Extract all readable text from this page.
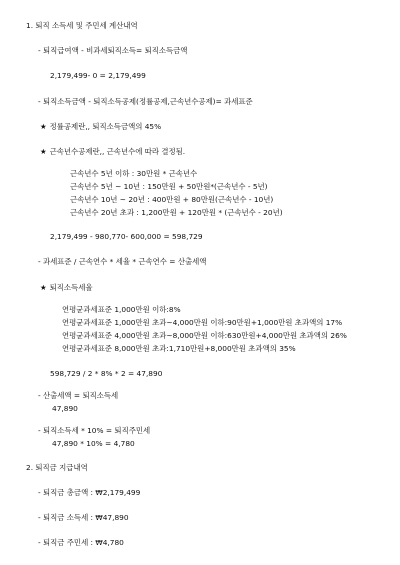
1. 퇴직 소득세 및 주민세 계산내역
- 퇴직급여액 - 비과세퇴직소득= 퇴직소득금액
2,179,499- 0 = 2,179,499
- 퇴직소득금액 - 퇴직소득공제(정률공제,근속년수공제)= 과세표준
★ 정률공제란,, 퇴직소득금액의 45%
★ 근속년수공제란,, 근속년수에 따라 결정됨.
근속년수 5년 이하 : 30만원 * 근속년수
근속년수 5년 ~ 10년 : 150만원 + 50만원*(근속년수 - 5년)
근속년수 10년 ~ 20년 : 400만원 + 80만원(근속년수 - 10년)
근속년수 20년 초과 : 1,200만원 + 120만원 * (근속년수 - 20년)
2,179,499 - 980,770- 600,000 = 598,729
- 과세표준 / 근속연수 * 세율 * 근속연수 = 산출세액
★ 퇴직소득세율
연평균과세표준 1,000만원 이하:8%
연평균과세표준 1,000만원 초과~4,000만원 이하:90만원+1,000만원 초과액의 17%
연평균과세표준 4,000만원 초과~8,000만원 이하:630만원+4,000만원 초과액의 26%
연평균과세표준 8,000만원 초과:1,710만원+8,000만원 초과액의 35%
598,729 / 2 * 8% * 2 = 47,890
- 산출세액 = 퇴직소득세
47,890
- 퇴직소득세 * 10% = 퇴직주민세
47,890 * 10% = 4,780
2. 퇴직금 지급내역
- 퇴직금 총금액 : ₩2,179,499
- 퇴직금 소득세 : ₩47,890
- 퇴직금 주민세 : ₩4,780
